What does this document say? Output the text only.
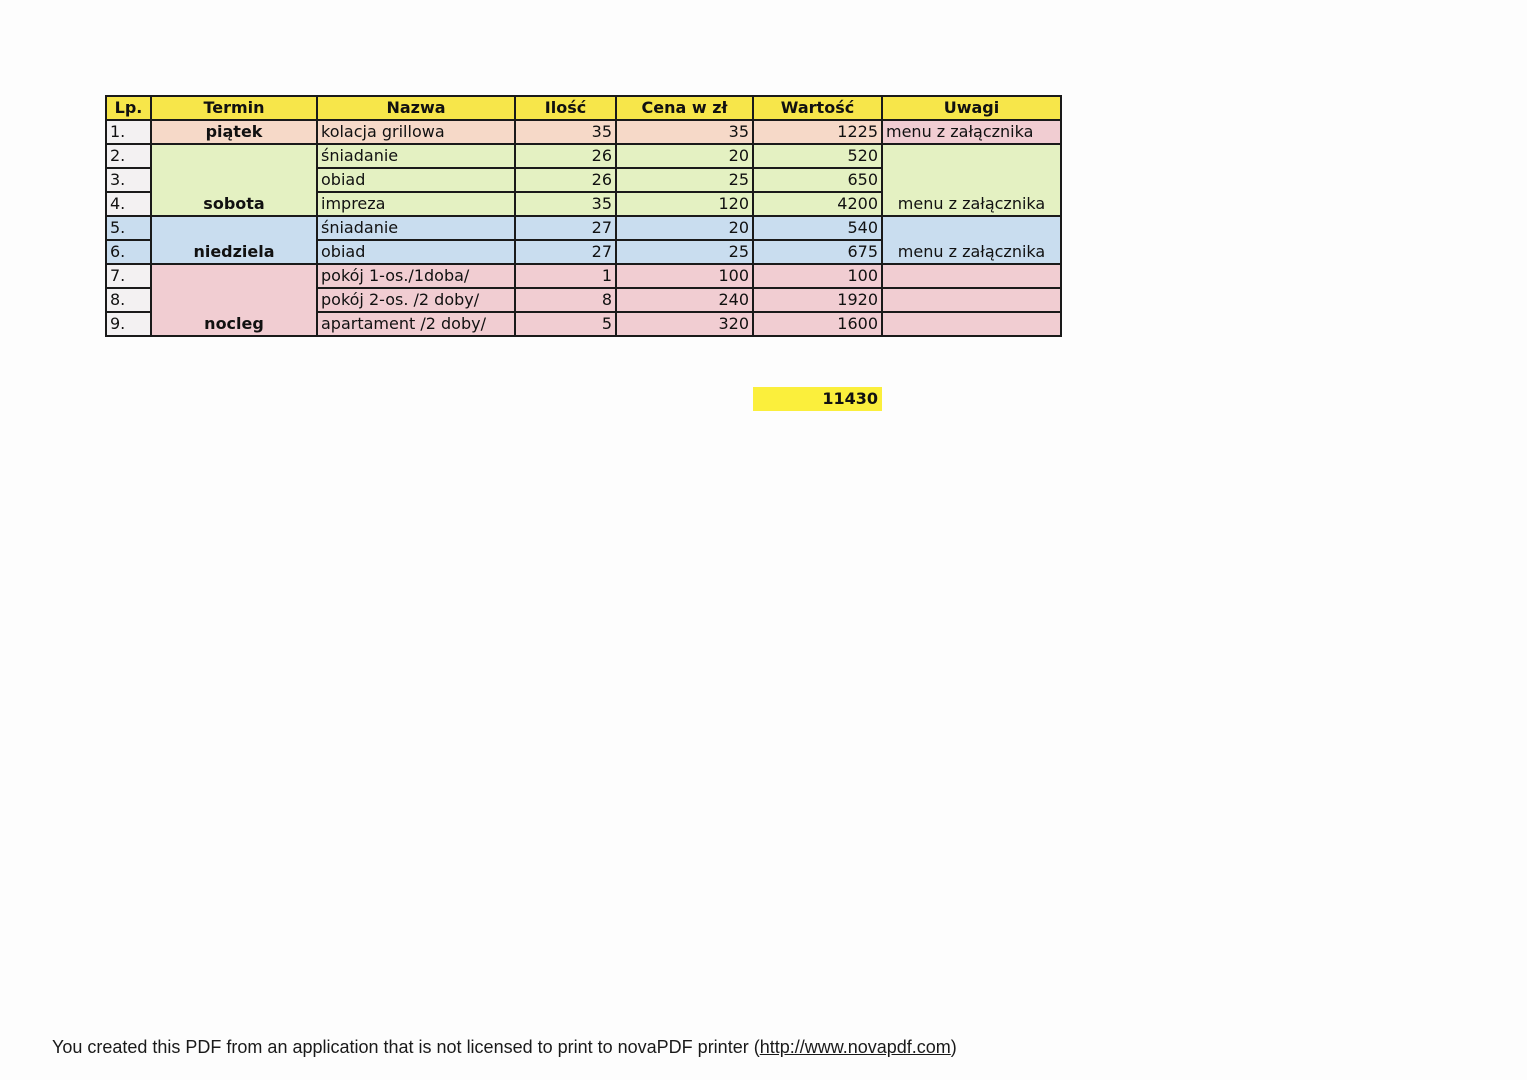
Lp.	Termin	Nazwa	Ilość	Cena w zł	Wartość	Uwagi
1.	piątek	kolacja grillowa	35	35	1225	menu z załącznika
2.	sobota	śniadanie	26	20	520	menu z załącznika
3.		obiad	26	25	650	
4.		impreza	35	120	4200	
5.	niedziela	śniadanie	27	20	540	menu z załącznika
6.		obiad	27	25	675	
7.	nocleg	pokój 1-os./1doba/	1	100	100	
8.		pokój 2-os. /2 doby/	8	240	1920	
9.		apartament /2 doby/	5	320	1600	
11430
You created this PDF from an application that is not licensed to print to novaPDF printer (http://www.novapdf.com)
